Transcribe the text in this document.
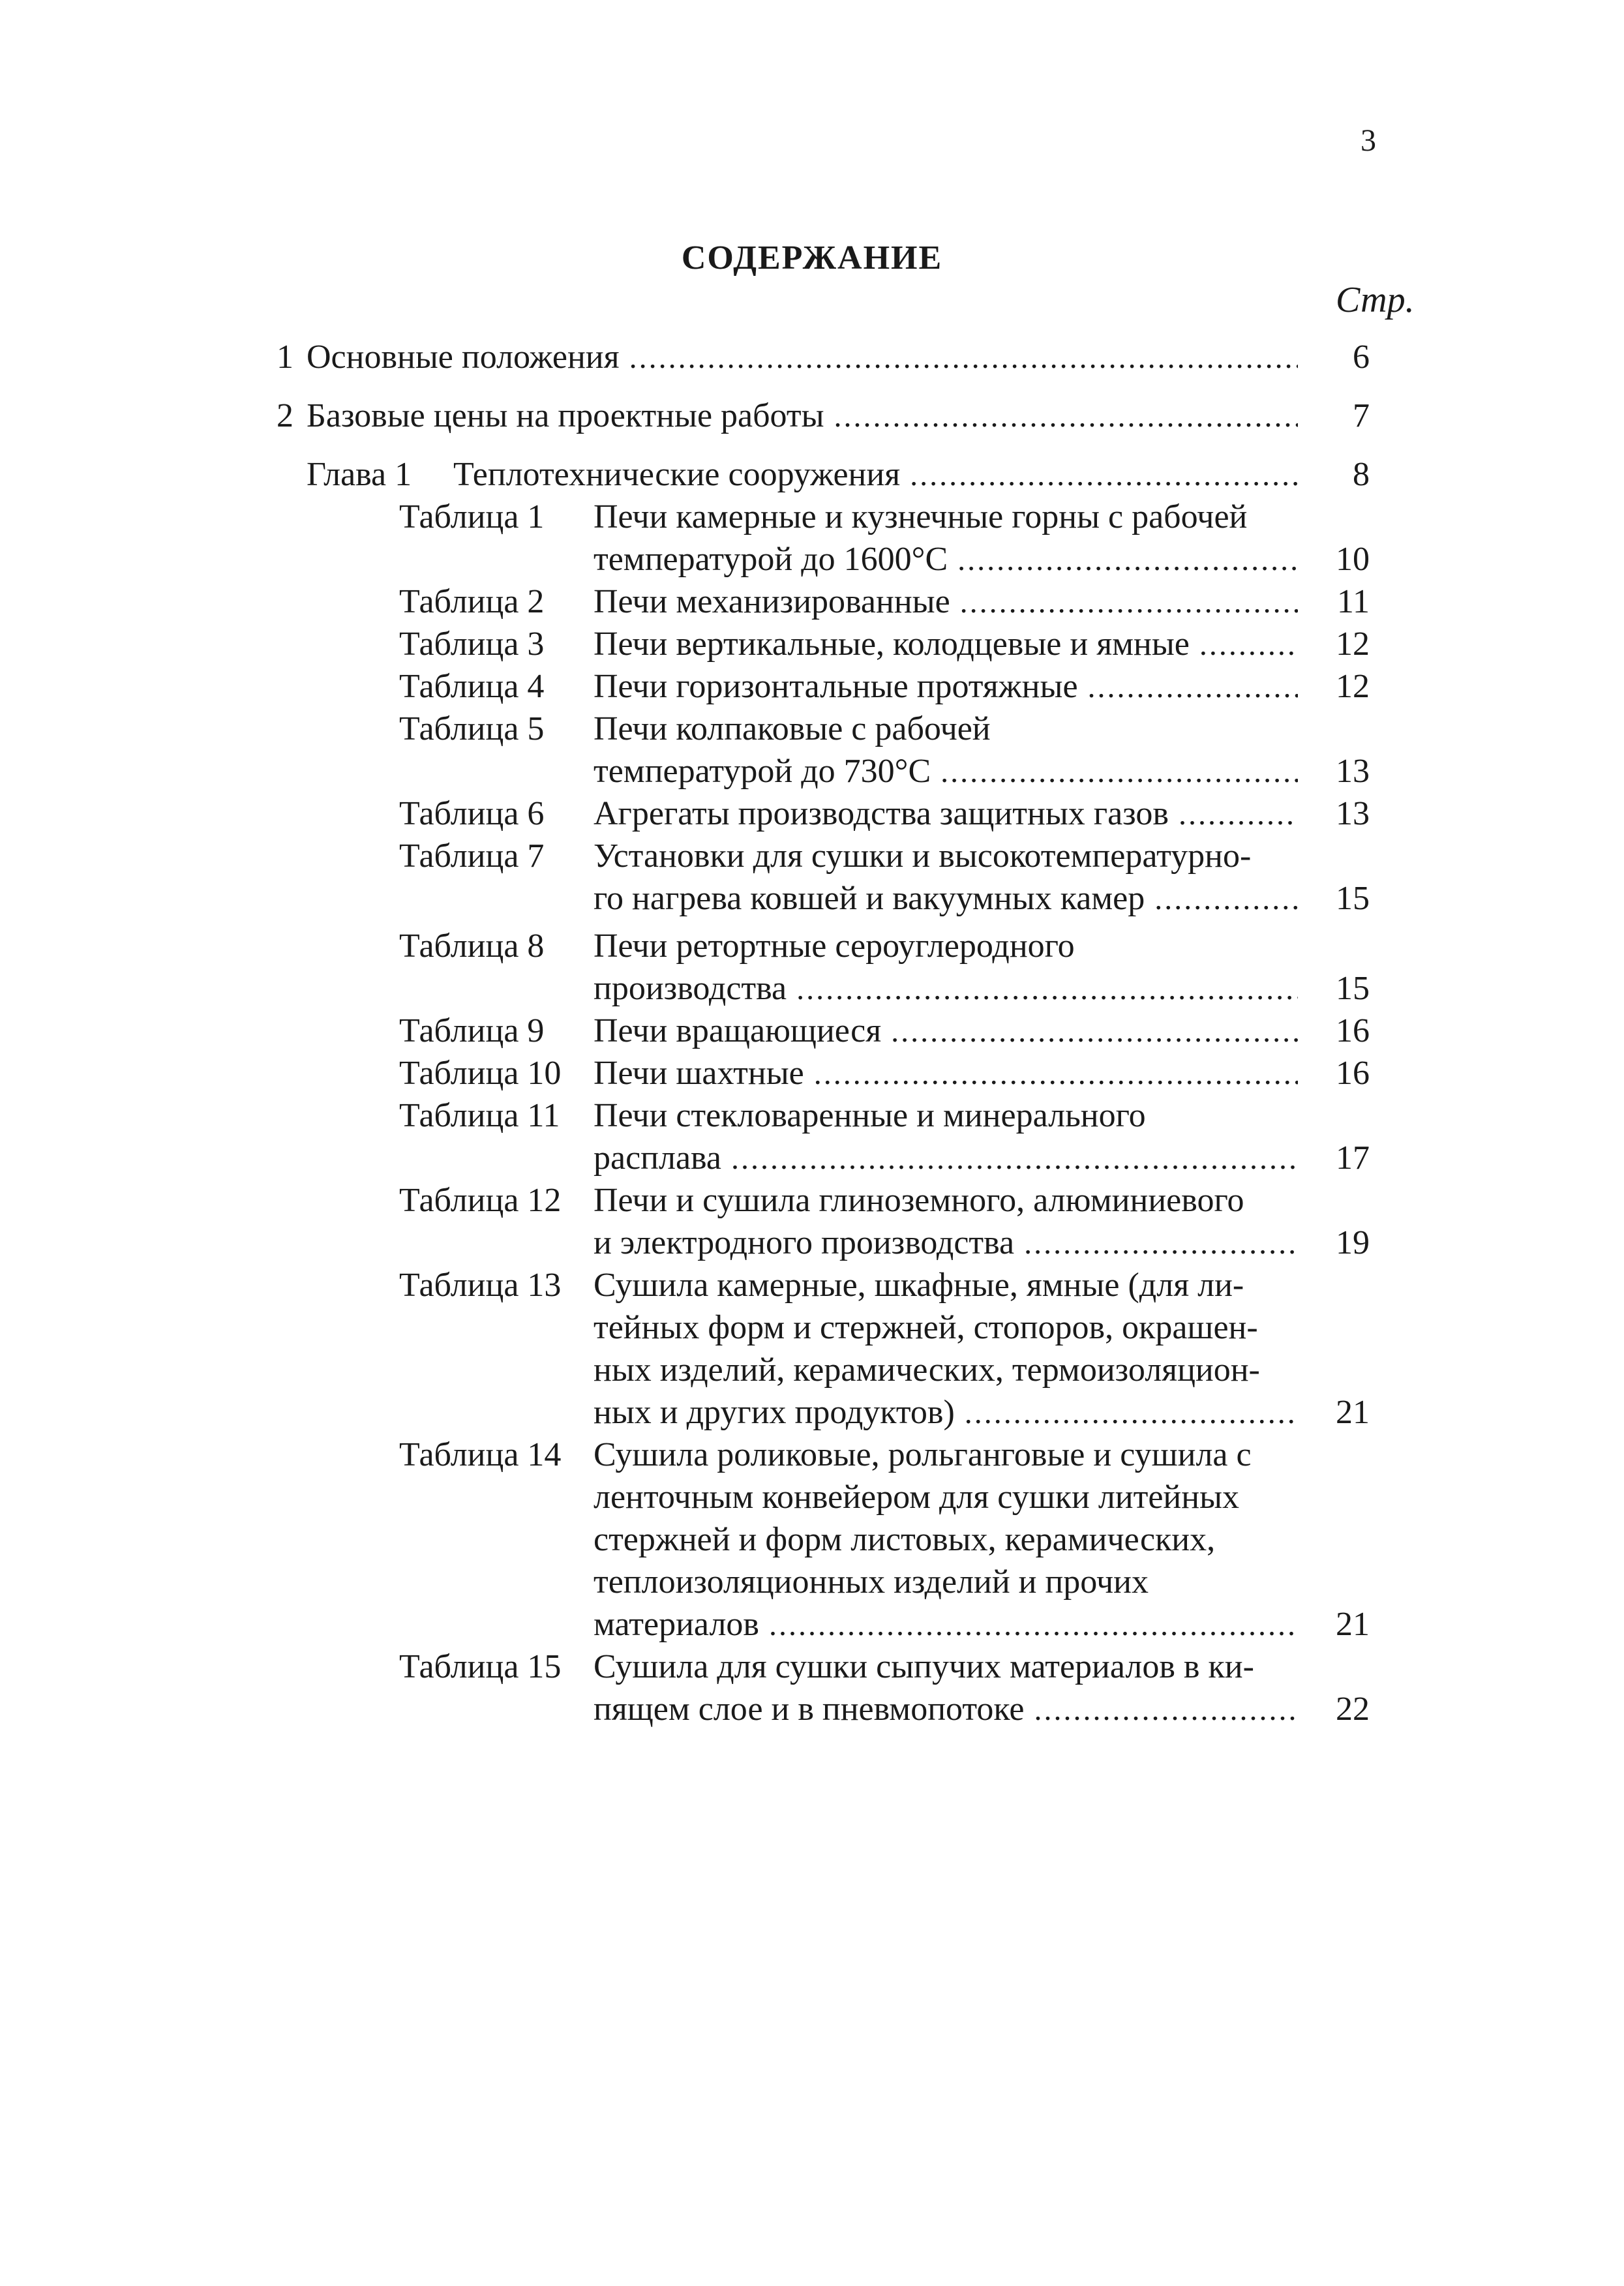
3
СОДЕРЖАНИЕ
Стр.
1 Основные положения .....	6
2 Базовые цены на проектные работы .....	7
Глава 1 Теплотехнические сооружения .....	8
Таблица 1 Печи камерные и кузнечные горны с рабочей
температурой до 1600°С .....	10
Таблица 2 Печи механизированные .....	11
Таблица 3 Печи вертикальные, колодцевые и ямные .....	12
Таблица 4 Печи горизонтальные протяжные .....	12
Таблица 5 Печи колпаковые с рабочей
температурой до 730°С .....	13
Таблица 6 Агрегаты производства защитных газов .....	13
Таблица 7 Установки для сушки и высокотемпературно-
го нагрева ковшей и вакуумных камер .....	15
Таблица 8 Печи ретортные сероуглеродного
производства .....	15
Таблица 9 Печи вращающиеся .....	16
Таблица 10 Печи шахтные .....	16
Таблица 11 Печи стекловаренные и минерального
расплава .....	17
Таблица 12 Печи и сушила глиноземного, алюминиевого
и электродного производства .....	19
Таблица 13 Сушила камерные, шкафные, ямные (для ли-
тейных форм и стержней, стопоров, окрашен-
ных изделий, керамических, термоизоляцион-
ных и других продуктов) .....	21
Таблица 14 Сушила роликовые, рольганговые и сушила с
ленточным конвейером для сушки литейных
стержней и форм листовых, керамических,
теплоизоляционных изделий и прочих
материалов .....	21
Таблица 15 Сушила для сушки сыпучих материалов в ки-
пящем слое и в пневмопотоке .....	22
